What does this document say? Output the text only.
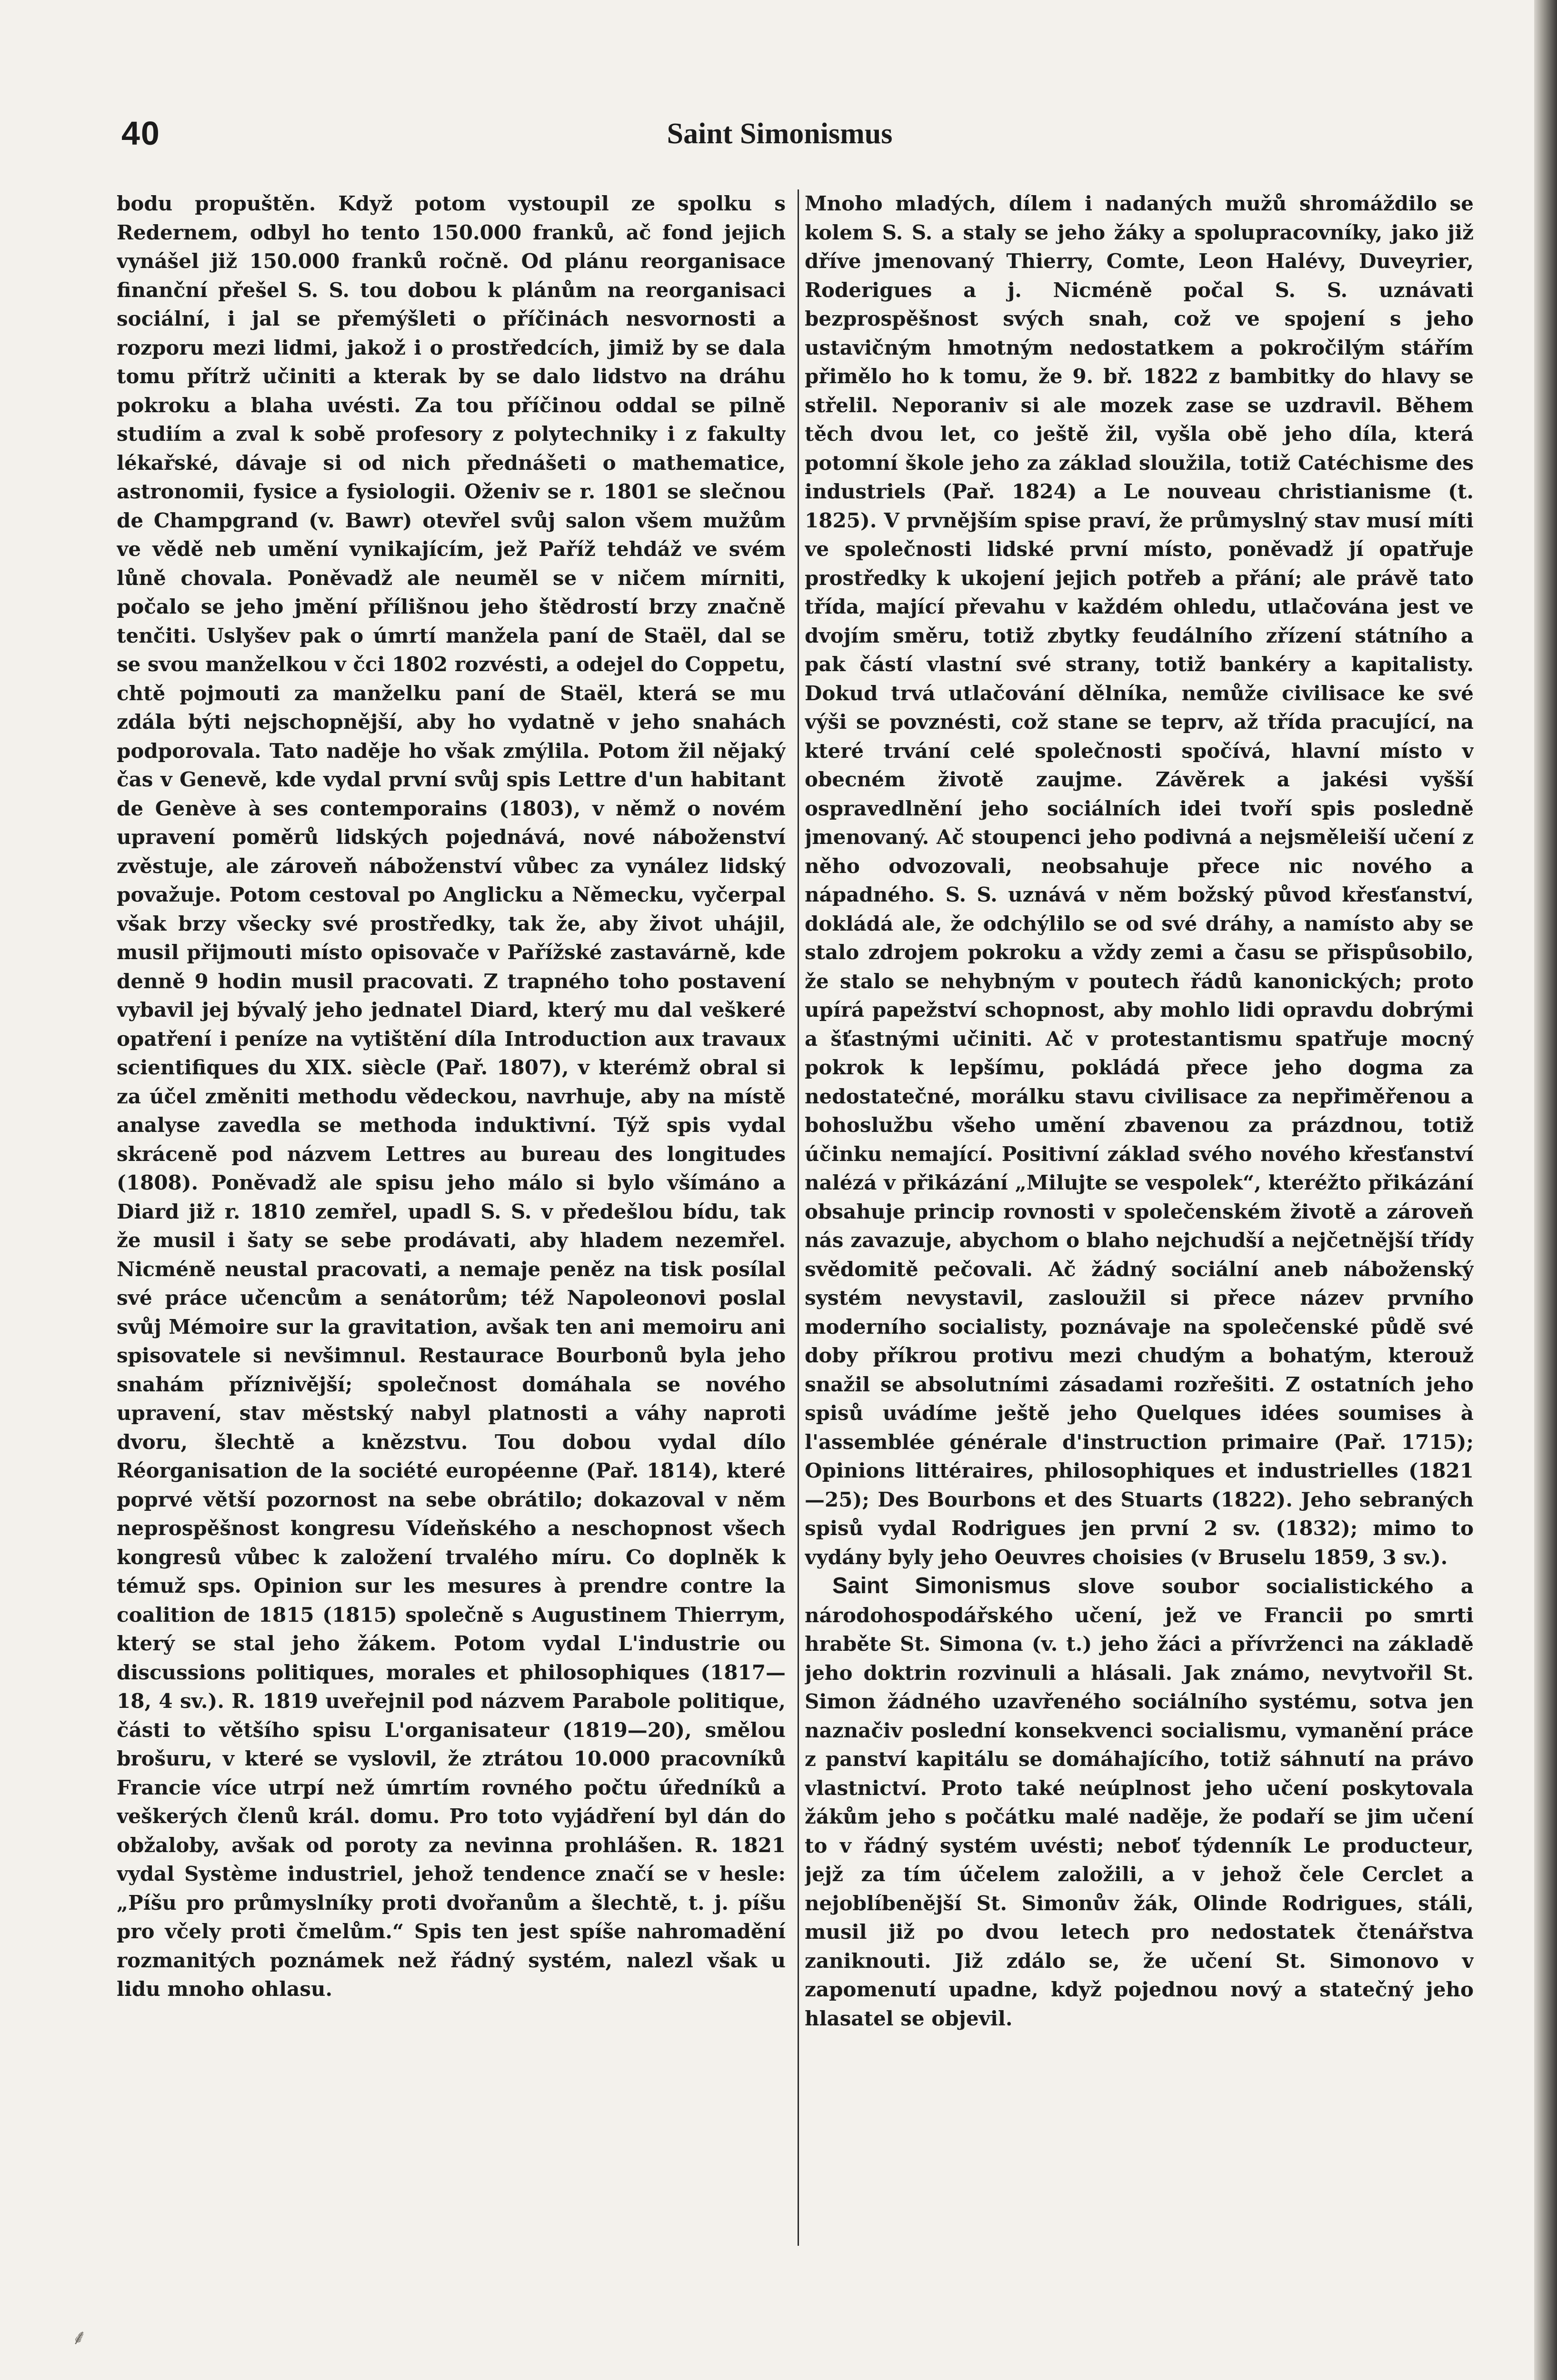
40	Saint Simonismus

bodu propuštěn. Když potom vystoupil ze spolku s Redernem, odbyl ho tento 150.000 franků, ač fond jejich vynášel již 150.000 franků ročně. Od plánu reorganisace finanční přešel S. S. tou dobou k plánům na reorganisaci sociální, i jal se přemýšleti o příčinách nesvornosti a rozporu mezi lidmi, jakož i o prostředcích, jimiž by se dala tomu přítrž učiniti a kterak by se dalo lidstvo na dráhu pokroku a blaha uvésti. Za tou příčinou oddal se pilně studiím a zval k sobě profesory z polytechniky i z fakulty lékařské, dávaje si od nich přednášeti o mathematice, astronomii, fysice a fysiologii. Oženiv se r. 1801 se slečnou de Champgrand (v. Bawr) otevřel svůj salon všem mužům ve vědě neb umění vynikajícím, jež Paříž tehdáž ve svém lůně chovala. Poněvadž ale neuměl se v ničem mírniti, počalo se jeho jmění přílišnou jeho štědrostí brzy značně tenčiti. Uslyšev pak o úmrtí manžela paní de Staël, dal se se svou manželkou v čci 1802 rozvésti, a odejel do Coppetu, chtě pojmouti za manželku paní de Staël, která se mu zdála býti nejschopnější, aby ho vydatně v jeho snahách podporovala. Tato naděje ho však zmýlila. Potom žil nějaký čas v Genevě, kde vydal první svůj spis Lettre d'un habitant de Genève à ses contemporains (1803), v němž o novém upravení poměrů lidských pojednává, nové náboženství zvěstuje, ale zároveň náboženství vůbec za vynález lidský považuje. Potom cestoval po Anglicku a Německu, vyčerpal však brzy všecky své prostředky, tak že, aby život uhájil, musil přijmouti místo opisovače v Pařížské zastavárně, kde denně 9 hodin musil pracovati. Z trapného toho postavení vybavil jej bývalý jeho jednatel Diard, který mu dal veškeré opatření i peníze na vytištění díla Introduction aux travaux scientifiques du XIX. siècle (Pař. 1807), v kterémž obral si za účel změniti methodu vědeckou, navrhuje, aby na místě analyse zavedla se methoda induktivní. Týž spis vydal skráceně pod názvem Lettres au bureau des longitudes (1808). Poněvadž ale spisu jeho málo si bylo všímáno a Diard již r. 1810 zemřel, upadl S. S. v předešlou bídu, tak že musil i šaty se sebe prodávati, aby hladem nezemřel. Nicméně neustal pracovati, a nemaje peněz na tisk posílal své práce učencům a senátorům; též Napoleonovi poslal svůj Mémoire sur la gravitation, avšak ten ani memoiru ani spisovatele si nevšimnul. Restaurace Bourbonů byla jeho snahám příznivější; společnost domáhala se nového upravení, stav městský nabyl platnosti a váhy naproti dvoru, šlechtě a knězstvu. Tou dobou vydal dílo Réorganisation de la société européenne (Pař. 1814), které poprvé větší pozornost na sebe obrátilo; dokazoval v něm neprospěšnost kongresu Vídeňského a neschopnost všech kongresů vůbec k založení trvalého míru. Co doplněk k témuž sps. Opinion sur les mesures à prendre contre la coalition de 1815 (1815) společně s Augustinem Thierrym, který se stal jeho žákem. Potom vydal L'industrie ou discussions politiques, morales et philosophiques (1817—18, 4 sv.). R. 1819 uveřejnil pod názvem Parabole politique, části to většího spisu L'organisateur (1819—20), smělou brošuru, v které se vyslovil, že ztrátou 10.000 pracovníků Francie více utrpí než úmrtím rovného počtu úředníků a veškerých členů král. domu. Pro toto vyjádření byl dán do obžaloby, avšak od poroty za nevinna prohlášen. R. 1821 vydal Système industriel, jehož tendence značí se v hesle: „Píšu pro průmyslníky proti dvořanům a šlechtě, t. j. píšu pro včely proti čmelům.“ Spis ten jest spíše nahromadění rozmanitých poznámek než řádný systém, nalezl však u lidu mnoho ohlasu.

Mnoho mladých, dílem i nadaných mužů shromáždilo se kolem S. S. a staly se jeho žáky a spolupracovníky, jako již dříve jmenovaný Thierry, Comte, Leon Halévy, Duveyrier, Roderigues a j. Nicméně počal S. S. uznávati bezprospěšnost svých snah, což ve spojení s jeho ustavičným hmotným nedostatkem a pokročilým stářím přimělo ho k tomu, že 9. bř. 1822 z bambitky do hlavy se střelil. Neporaniv si ale mozek zase se uzdravil. Během těch dvou let, co ještě žil, vyšla obě jeho díla, která potomní škole jeho za základ sloužila, totiž Catéchisme des industriels (Pař. 1824) a Le nouveau christianisme (t. 1825). V prvnějším spise praví, že průmyslný stav musí míti ve společnosti lidské první místo, poněvadž jí opatřuje prostředky k ukojení jejich potřeb a přání; ale právě tato třída, mající převahu v každém ohledu, utlačována jest ve dvojím směru, totiž zbytky feudálního zřízení státního a pak částí vlastní své strany, totiž bankéry a kapitalisty. Dokud trvá utlačování dělníka, nemůže civilisace ke své výši se povznésti, což stane se teprv, až třída pracující, na které trvání celé společnosti spočívá, hlavní místo v obecném životě zaujme. Závěrek a jakési vyšší ospravedlnění jeho sociálních idei tvoří spis posledně jmenovaný. Ač stoupenci jeho podivná a nejsměleiší učení z něho odvozovali, neobsahuje přece nic nového a nápadného. S. S. uznává v něm božský původ křesťanství, dokládá ale, že odchýlilo se od své dráhy, a namísto aby se stalo zdrojem pokroku a vždy zemi a času se přispůsobilo, že stalo se nehybným v poutech řádů kanonických; proto upírá papežství schopnost, aby mohlo lidi opravdu dobrými a šťastnými učiniti. Ač v protestantismu spatřuje mocný pokrok k lepšímu, pokládá přece jeho dogma za nedostatečné, morálku stavu civilisace za nepřiměřenou a bohoslužbu všeho umění zbavenou za prázdnou, totiž účinku nemající. Positivní základ svého nového křesťanství nalézá v přikázání „Milujte se vespolek“, kteréžto přikázání obsahuje princip rovnosti v společenském životě a zároveň nás zavazuje, abychom o blaho nejchudší a nejčetnější třídy svědomitě pečovali. Ač žádný sociální aneb náboženský systém nevystavil, zasloužil si přece název prvního moderního socialisty, poznávaje na společenské půdě své doby příkrou protivu mezi chudým a bohatým, kterouž snažil se absolutními zásadami rozřešiti. Z ostatních jeho spisů uvádíme ještě jeho Quelques idées soumises à l'assemblée générale d'instruction primaire (Pař. 1715); Opinions littéraires, philosophiques et industrielles (1821—25); Des Bourbons et des Stuarts (1822). Jeho sebraných spisů vydal Rodrigues jen první 2 sv. (1832); mimo to vydány byly jeho Oeuvres choisies (v Bruselu 1859, 3 sv.).

Saint Simonismus slove soubor socialistického a národohospodářského učení, jež ve Francii po smrti hraběte St. Simona (v. t.) jeho žáci a přívrženci na základě jeho doktrin rozvinuli a hlásali. Jak známo, nevytvořil St. Simon žádného uzavřeného sociálního systému, sotva jen naznačiv poslední konsekvenci socialismu, vymanění práce z panství kapitálu se domáhajícího, totiž sáhnutí na právo vlastnictví. Proto také neúplnost jeho učení poskytovala žákům jeho s počátku malé naděje, že podaří se jim učení to v řádný systém uvésti; neboť týdenník Le producteur, jejž za tím účelem založili, a v jehož čele Cerclet a nejoblíbenější St. Simonův žák, Olinde Rodrigues, stáli, musil již po dvou letech pro nedostatek čtenářstva zaniknouti. Již zdálo se, že učení St. Simonovo v zapomenutí upadne, když pojednou nový a statečný jeho hlasatel se objevil.

⸙
